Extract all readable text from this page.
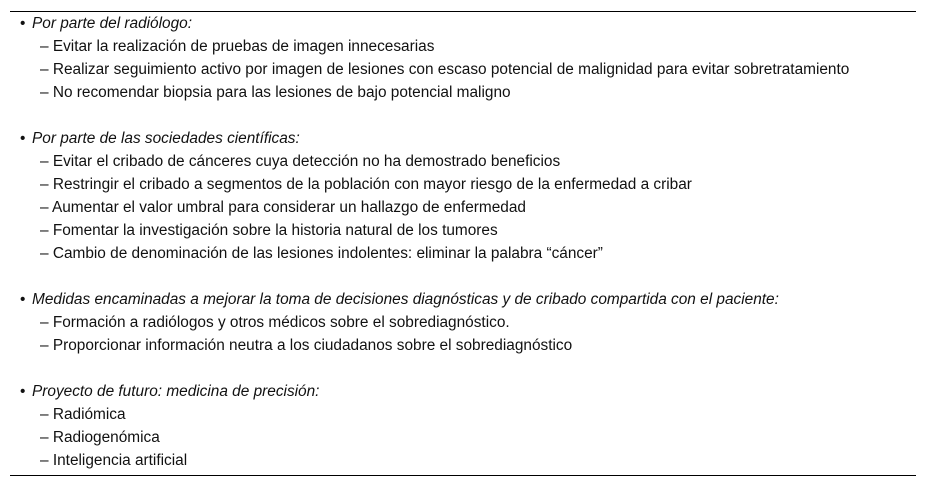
• Por parte del radiólogo:
– Evitar la realización de pruebas de imagen innecesarias
– Realizar seguimiento activo por imagen de lesiones con escaso potencial de malignidad para evitar sobretratamiento
– No recomendar biopsia para las lesiones de bajo potencial maligno
• Por parte de las sociedades científicas:
– Evitar el cribado de cánceres cuya detección no ha demostrado beneficios
– Restringir el cribado a segmentos de la población con mayor riesgo de la enfermedad a cribar
– Aumentar el valor umbral para considerar un hallazgo de enfermedad
– Fomentar la investigación sobre la historia natural de los tumores
– Cambio de denominación de las lesiones indolentes: eliminar la palabra “cáncer”
• Medidas encaminadas a mejorar la toma de decisiones diagnósticas y de cribado compartida con el paciente:
– Formación a radiólogos y otros médicos sobre el sobrediagnóstico.
– Proporcionar información neutra a los ciudadanos sobre el sobrediagnóstico
• Proyecto de futuro: medicina de precisión:
– Radiómica
– Radiogenómica
– Inteligencia artificial
